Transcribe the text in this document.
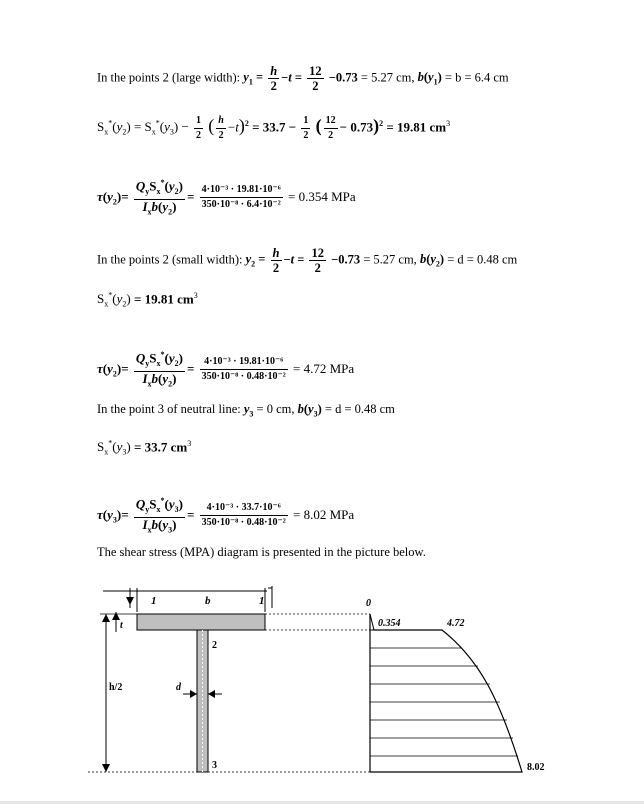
In the points 2 (large width): $y_1 = \frac{h}{2} -t = \frac{12}{2} -0.73 = 5.27$ cm, $b(y_1) = b = 6.4$ cm
$S_x^*(y_2) = S_x^*(y_3) - \frac{1}{2}$ ( $\frac{h}{2} -t)^2 = 33.7 - \frac{1}{2}$ ( $\frac{12}{2} - 0.73)^2 = 19.81$ $cm^3$
$\tau(y_2)= \frac{Q_yS_x^*(y_2)}{I_xb(y_2)} = \frac{\text{4·10⁻³ · 19.81·10⁻⁶}}{\text{350·10⁻⁸ · 6.4·10⁻²}} = 0.354$ MPa
In the points 2 (small width): $y_2 = \frac{h}{2} -t = \frac{12}{2} -0.73 = 5.27$ cm, $b(y_2) = d = 0.48$ cm
$S_x^*(y_2) = 19.81$ $cm^3$
$\tau(y_2)= \frac{Q_yS_x^*(y_2)}{I_xb(y_2)} = \frac{\text{4·10⁻³ · 19.81·10⁻⁶}}{\text{350·10⁻⁸ · 0.48·10⁻²}} = 4.72$ MPa
In the point 3 of neutral line: $y_3 = 0$ cm, $b(y_3) = d = 0.48$ cm
$S_x^*(y_3) = 33.7$ $cm^3$
$\tau(y_3)= \frac{Q_yS_x^*(y_3)}{I_xb(y_3)} = \frac{\text{4·10⁻³ · 33.7·10⁻⁶}}{\text{350·10⁻⁸ · 0.48·10⁻²}} = 8.02$ MPa
The shear stress (MPA) diagram is presented in the picture below.
1	b	1
t
h/2	d
2
3
0
0.354	4.72
8.02
